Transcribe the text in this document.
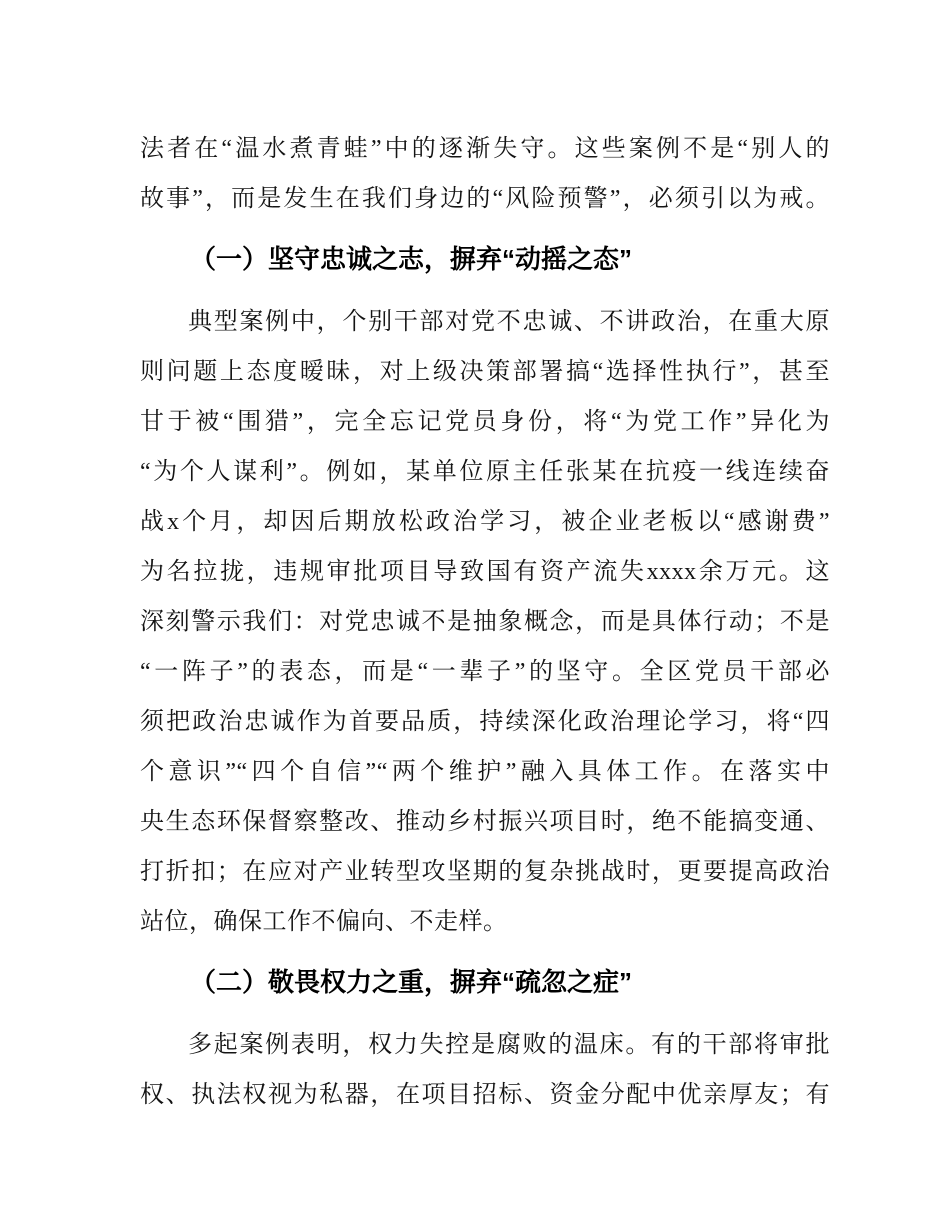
法者在“温水煮青蛙”中的逐渐失守。这些案例不是“别人的
故事”，而是发生在我们身边的“风险预警”，必须引以为戒。
（一）坚守忠诚之志，摒弃“动摇之态”
典型案例中，个别干部对党不忠诚、不讲政治，在重大原
则问题上态度暧昧，对上级决策部署搞“选择性执行”，甚至
甘于被“围猎”，完全忘记党员身份，将“为党工作”异化为
“为个人谋利”。例如，某单位原主任张某在抗疫一线连续奋
战x个月，却因后期放松政治学习，被企业老板以“感谢费”
为名拉拢，违规审批项目导致国有资产流失xxxx余万元。这
深刻警示我们：对党忠诚不是抽象概念，而是具体行动；不是
“一阵子”的表态，而是“一辈子”的坚守。全区党员干部必
须把政治忠诚作为首要品质，持续深化政治理论学习，将“四
个意识”“四个自信”“两个维护”融入具体工作。在落实中
央生态环保督察整改、推动乡村振兴项目时，绝不能搞变通、
打折扣；在应对产业转型攻坚期的复杂挑战时，更要提高政治
站位，确保工作不偏向、不走样。
（二）敬畏权力之重，摒弃“疏忽之症”
多起案例表明，权力失控是腐败的温床。有的干部将审批
权、执法权视为私器，在项目招标、资金分配中优亲厚友；有
